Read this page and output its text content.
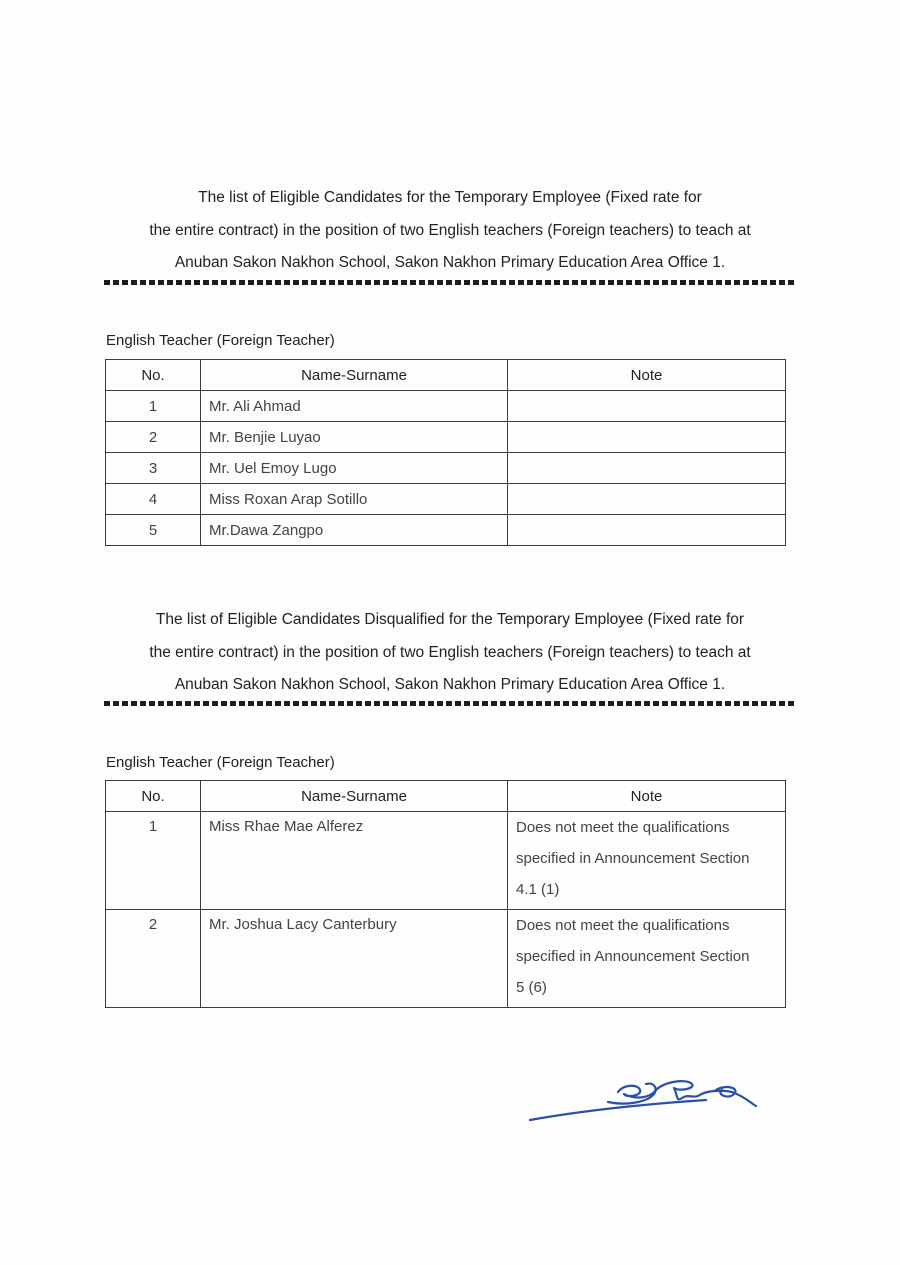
The list of Eligible Candidates for the Temporary Employee (Fixed rate for

the entire contract) in the position of two English teachers (Foreign teachers) to teach at

Anuban Sakon Nakhon School, Sakon Nakhon Primary Education Area Office 1.

English Teacher (Foreign Teacher)
No.	Name-Surname	Note
1	Mr. Ali Ahmad	
2	Mr. Benjie Luyao	
3	Mr. Uel Emoy Lugo	
4	Miss Roxan Arap Sotillo	
5	Mr.Dawa Zangpo	

The list of Eligible Candidates Disqualified for the Temporary Employee (Fixed rate for

the entire contract) in the position of two English teachers (Foreign teachers) to teach at

Anuban Sakon Nakhon School, Sakon Nakhon Primary Education Area Office 1.

English Teacher (Foreign Teacher)
No.	Name-Surname	Note
1	Miss Rhae Mae Alferez	Does not meet the qualifications
specified in Announcement Section
4.1 (1)

2	Mr. Joshua Lacy Canterbury	Does not meet the qualifications
specified in Announcement Section
5 (6)
